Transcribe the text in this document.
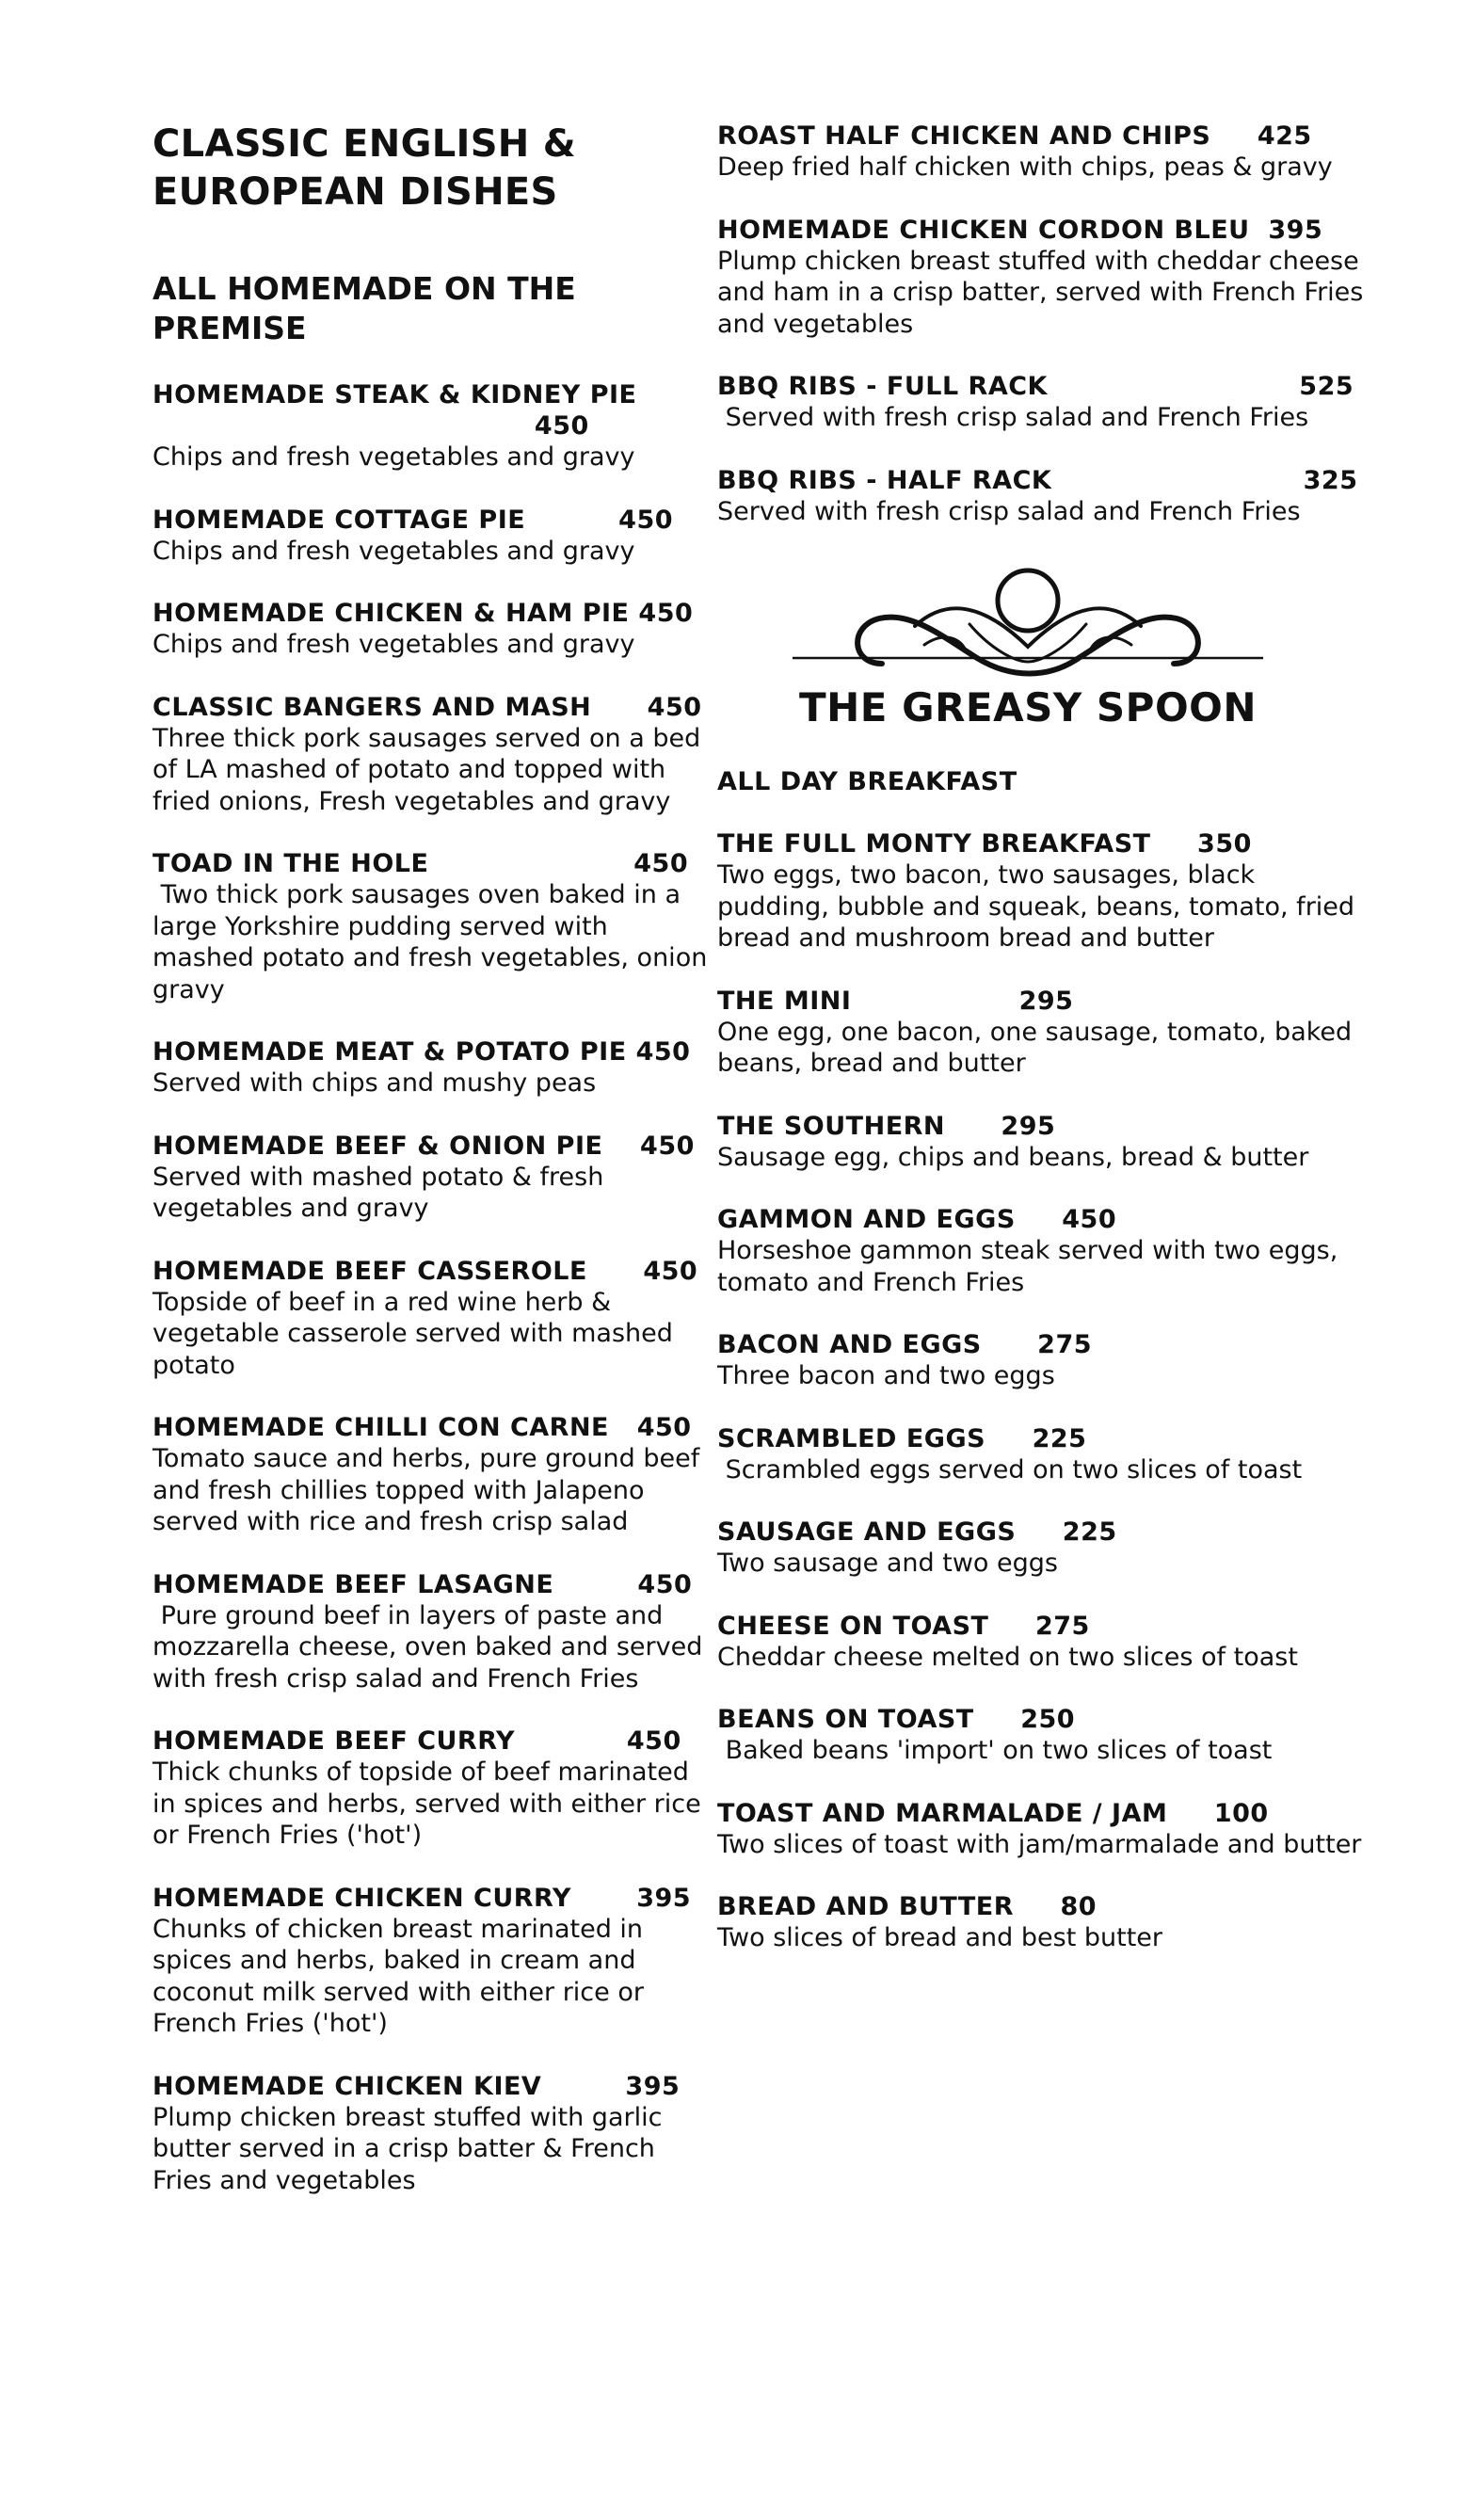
CLASSIC ENGLISH & EUROPEAN DISHES
ALL HOMEMADE ON THE PREMISE
HOMEMADE STEAK & KIDNEY PIE
450
Chips and fresh vegetables and gravy
HOMEMADE COTTAGE PIE          450
Chips and fresh vegetables and gravy
HOMEMADE CHICKEN & HAM PIE 450
Chips and fresh vegetables and gravy
CLASSIC BANGERS AND MASH      450
Three thick pork sausages served on a bed of LA mashed of potato and topped with fried onions, Fresh vegetables and gravy
TOAD IN THE HOLE                      450
Two thick pork sausages oven baked in a large Yorkshire pudding served with mashed potato and fresh vegetables, onion gravy
HOMEMADE MEAT & POTATO PIE 450
Served with chips and mushy peas
HOMEMADE BEEF & ONION PIE    450
Served with mashed potato & fresh vegetables and gravy
HOMEMADE BEEF CASSEROLE      450
Topside of beef in a red wine herb & vegetable casserole served with mashed potato
HOMEMADE CHILLI CON CARNE   450
Tomato sauce and herbs, pure ground beef and fresh chillies topped with Jalapeno served with rice and fresh crisp salad
HOMEMADE BEEF LASAGNE         450
Pure ground beef in layers of paste and mozzarella cheese, oven baked and served with fresh crisp salad and French Fries
HOMEMADE BEEF CURRY            450
Thick chunks of topside of beef marinated in spices and herbs, served with either rice or French Fries ('hot')
HOMEMADE CHICKEN CURRY       395
Chunks of chicken breast marinated in spices and herbs, baked in cream and coconut milk served with either rice or French Fries ('hot')
HOMEMADE CHICKEN KIEV         395
Plump chicken breast stuffed with garlic butter served in a crisp batter & French Fries and vegetables
ROAST HALF CHICKEN AND CHIPS     425
Deep fried half chicken with chips, peas & gravy
HOMEMADE CHICKEN CORDON BLEU  395
Plump chicken breast stuffed with cheddar cheese and ham in a crisp batter, served with French Fries and vegetables
BBQ RIBS - FULL RACK                           525
Served with fresh crisp salad and French Fries
BBQ RIBS - HALF RACK                           325
Served with fresh crisp salad and French Fries
THE GREASY SPOON
ALL DAY BREAKFAST
THE FULL MONTY BREAKFAST     350
Two eggs, two bacon, two sausages, black pudding, bubble and squeak, beans, tomato, fried bread and mushroom bread and butter
THE MINI                  295
One egg, one bacon, one sausage, tomato, baked beans, bread and butter
THE SOUTHERN      295
Sausage egg, chips and beans, bread & butter
GAMMON AND EGGS     450
Horseshoe gammon steak served with two eggs, tomato and French Fries
BACON AND EGGS      275
Three bacon and two eggs
SCRAMBLED EGGS     225
Scrambled eggs served on two slices of toast
SAUSAGE AND EGGS     225
Two sausage and two eggs
CHEESE ON TOAST     275
Cheddar cheese melted on two slices of toast
BEANS ON TOAST     250
Baked beans 'import' on two slices of toast
TOAST AND MARMALADE / JAM     100
Two slices of toast with jam/marmalade and butter
BREAD AND BUTTER     80
Two slices of bread and best butter
